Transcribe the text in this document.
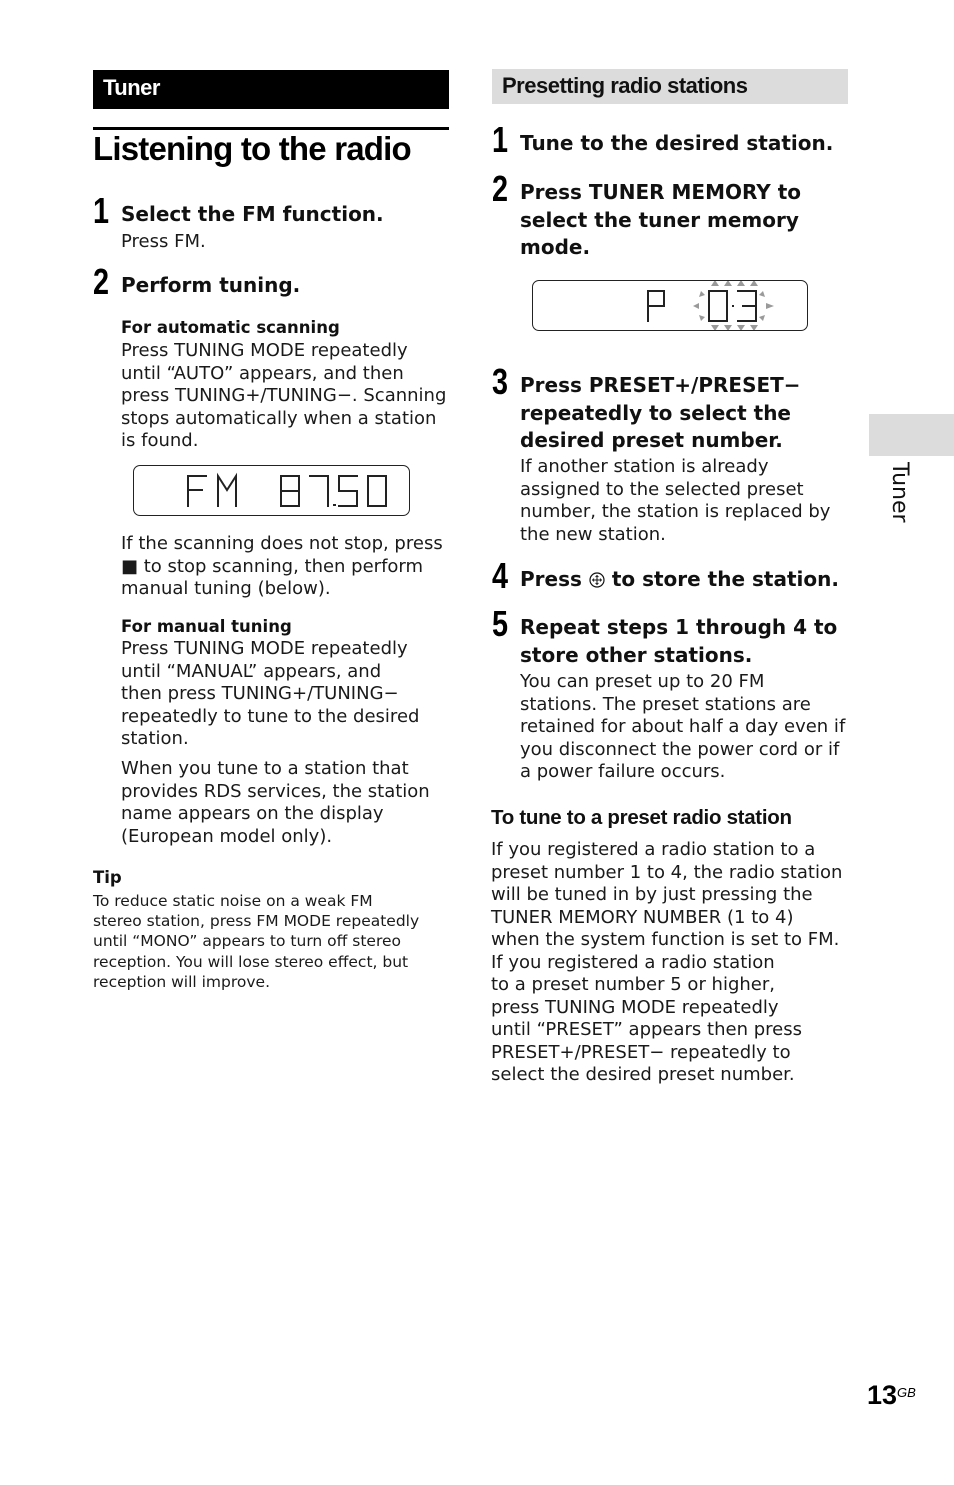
Tuner
Listening to the radio
1 Select the FM function.
Press FM.
2 Perform tuning.
For automatic scanning
Press TUNING MODE repeatedly
until “AUTO” appears, and then
press TUNING+/TUNING−. Scanning
stops automatically when a station
is found.
If the scanning does not stop, press
■ to stop scanning, then perform
manual tuning (below).
For manual tuning
Press TUNING MODE repeatedly
until “MANUAL” appears, and
then press TUNING+/TUNING−
repeatedly to tune to the desired
station.
When you tune to a station that
provides RDS services, the station
name appears on the display
(European model only).
Tip
To reduce static noise on a weak FM
stereo station, press FM MODE repeatedly
until “MONO” appears to turn off stereo
reception. You will lose stereo effect, but
reception will improve.
Presetting radio stations
1 Tune to the desired station.
2 Press TUNER MEMORY to
select the tuner memory
mode.
3 Press PRESET+/PRESET−
repeatedly to select the
desired preset number.
If another station is already
assigned to the selected preset
number, the station is replaced by
the new station.
4 Press  to store the station.
5 Repeat steps 1 through 4 to
store other stations.
You can preset up to 20 FM
stations. The preset stations are
retained for about half a day even if
you disconnect the power cord or if
a power failure occurs.
To tune to a preset radio station
If you registered a radio station to a
preset number 1 to 4, the radio station
will be tuned in by just pressing the
TUNER MEMORY NUMBER (1 to 4)
when the system function is set to FM.
If you registered a radio station
to a preset number 5 or higher,
press TUNING MODE repeatedly
until “PRESET” appears then press
PRESET+/PRESET− repeatedly to
select the desired preset number.
Tuner
13 GB
